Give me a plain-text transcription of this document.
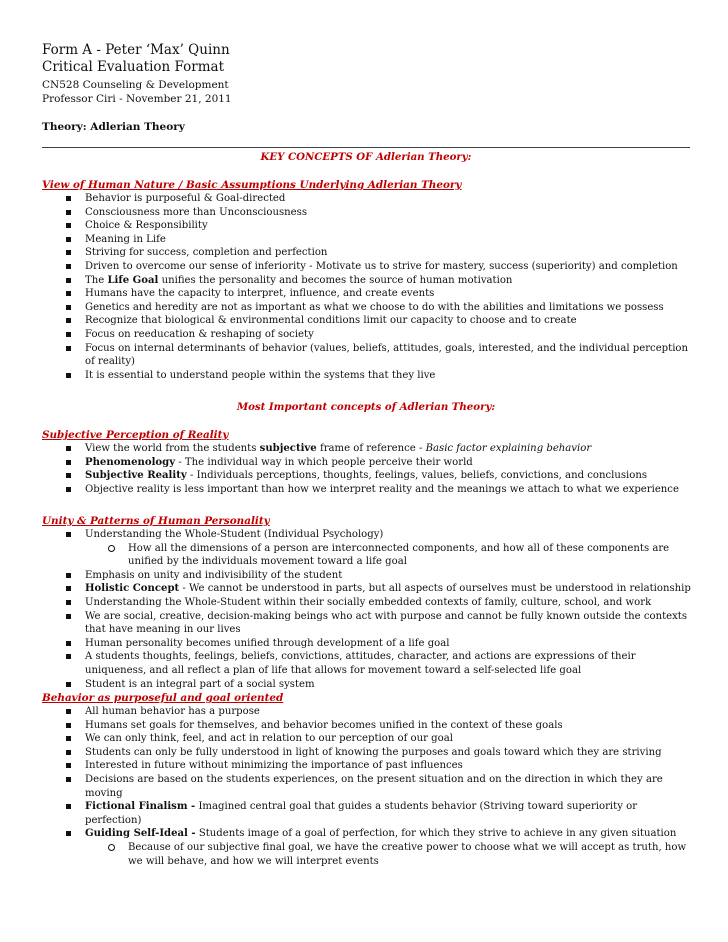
Form A - Peter ‘Max’ Quinn
Critical Evaluation Format
CN528 Counseling & Development
Professor Ciri - November 21, 2011
Theory: Adlerian Theory
KEY CONCEPTS OF Adlerian Theory:
View of Human Nature / Basic Assumptions Underlying Adlerian Theory
Behavior is purposeful & Goal-directed
Consciousness more than Unconsciousness
Choice & Responsibility
Meaning in Life
Striving for success, completion and perfection
Driven to overcome our sense of inferiority - Motivate us to strive for mastery, success (superiority) and completion
The Life Goal unifies the personality and becomes the source of human motivation
Humans have the capacity to interpret, influence, and create events
Genetics and heredity are not as important as what we choose to do with the abilities and limitations we possess
Recognize that biological & environmental conditions limit our capacity to choose and to create
Focus on reeducation & reshaping of society
Focus on internal determinants of behavior (values, beliefs, attitudes, goals, interested, and the individual perception of reality)
It is essential to understand people within the systems that they live
Most Important concepts of Adlerian Theory:
Subjective Perception of Reality
View the world from the students subjective frame of reference - Basic factor explaining behavior
Phenomenology - The individual way in which people perceive their world
Subjective Reality - Individuals perceptions, thoughts, feelings, values, beliefs, convictions, and conclusions
Objective reality is less important than how we interpret reality and the meanings we attach to what we experience
Unity & Patterns of Human Personality
Understanding the Whole-Student (Individual Psychology)
How all the dimensions of a person are interconnected components, and how all of these components are unified by the individuals movement toward a life goal
Emphasis on unity and indivisibility of the student
Holistic Concept - We cannot be understood in parts, but all aspects of ourselves must be understood in relationship
Understanding the Whole-Student within their socially embedded contexts of family, culture, school, and work
We are social, creative, decision-making beings who act with purpose and cannot be fully known outside the contexts that have meaning in our lives
Human personality becomes unified through development of a life goal
A students thoughts, feelings, beliefs, convictions, attitudes, character, and actions are expressions of their uniqueness, and all reflect a plan of life that allows for movement toward a self-selected life goal
Student is an integral part of a social system
Behavior as purposeful and goal oriented
All human behavior has a purpose
Humans set goals for themselves, and behavior becomes unified in the context of these goals
We can only think, feel, and act in relation to our perception of our goal
Students can only be fully understood in light of knowing the purposes and goals toward which they are striving
Interested in future without minimizing the importance of past influences
Decisions are based on the students experiences, on the present situation and on the direction in which they are moving
Fictional Finalism - Imagined central goal that guides a students behavior (Striving toward superiority or perfection)
Guiding Self-Ideal - Students image of a goal of perfection, for which they strive to achieve in any given situation
Because of our subjective final goal, we have the creative power to choose what we will accept as truth, how we will behave, and how we will interpret events
